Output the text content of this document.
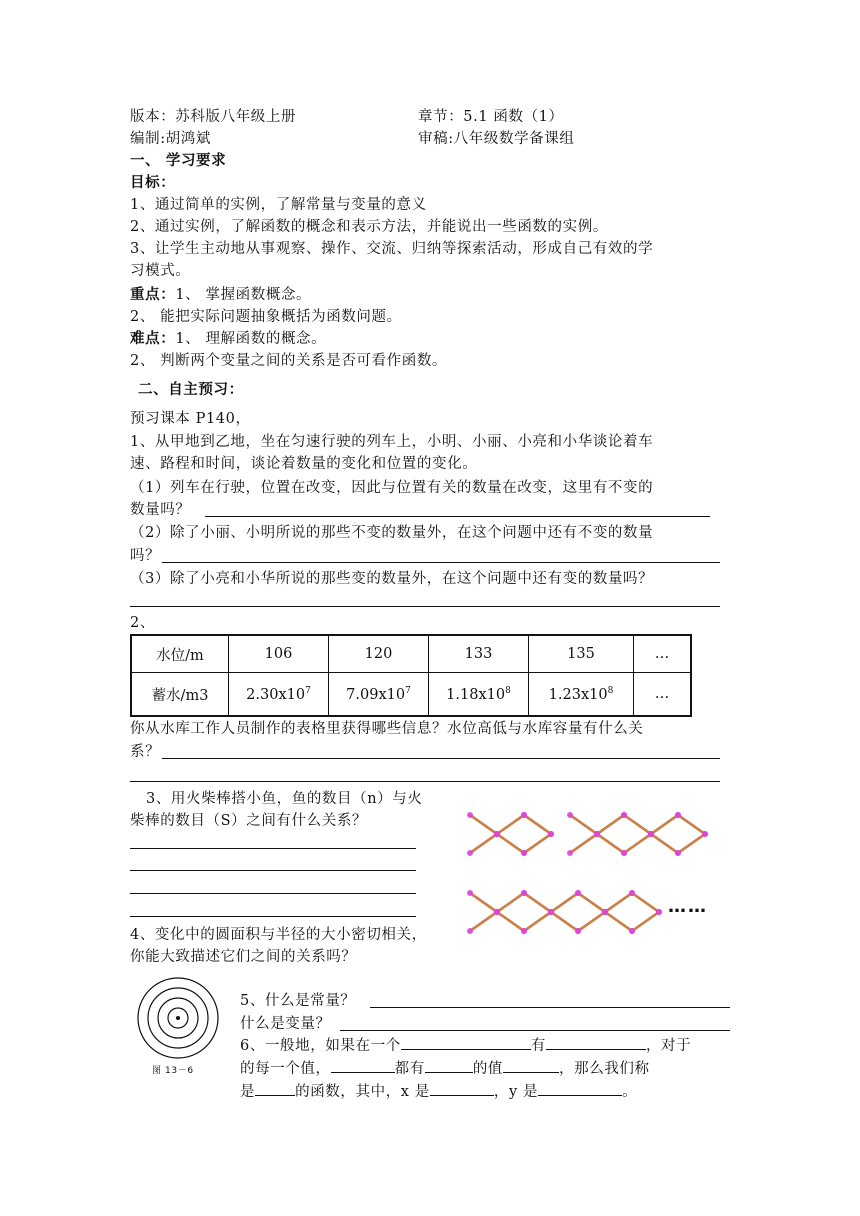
版本：苏科版八年级上册	章节：5.1 函数（1）
编制:胡鸿斌	审稿:八年级数学备课组
一、 学习要求
目标：
1、通过简单的实例，了解常量与变量的意义
2、通过实例，了解函数的概念和表示方法，并能说出一些函数的实例。
3、让学生主动地从事观察、操作、交流、归纳等探索活动，形成自己有效的学
习模式。
重点：1、 掌握函数概念。
2、 能把实际问题抽象概括为函数问题。
难点：1、 理解函数的概念。
2、 判断两个变量之间的关系是否可看作函数。
二、自主预习：
预习课本 P140，
1、从甲地到乙地，坐在匀速行驶的列车上，小明、小丽、小亮和小华谈论着车
速、路程和时间，谈论着数量的变化和位置的变化。
（1）列车在行驶，位置在改变，因此与位置有关的数量在改变，这里有不变的
数量吗？
（2）除了小丽、小明所说的那些不变的数量外，在这个问题中还有不变的数量
吗？
（3）除了小亮和小华所说的那些变的数量外，在这个问题中还有变的数量吗？
2、
水位/m	106	120	133	135	…
蓄水/m3	$2.30x10^7$	$7.09x10^7$	$1.18x10^8$	$1.23x10^8$	…
你从水库工作人员制作的表格里获得哪些信息？水位高低与水库容量有什么关
系？
3、用火柴棒搭小鱼，鱼的数目（n）与火
柴棒的数目（S）之间有什么关系？
……
4、变化中的圆面积与半径的大小密切相关，
你能大致描述它们之间的关系吗？
图 13－6
5、什么是常量？
什么是变量？
6、一般地，如果在一个	有	，对于
的每一个值，	都有	的值	，那么我们称
是	的函数，其中，x 是	，y 是	。
